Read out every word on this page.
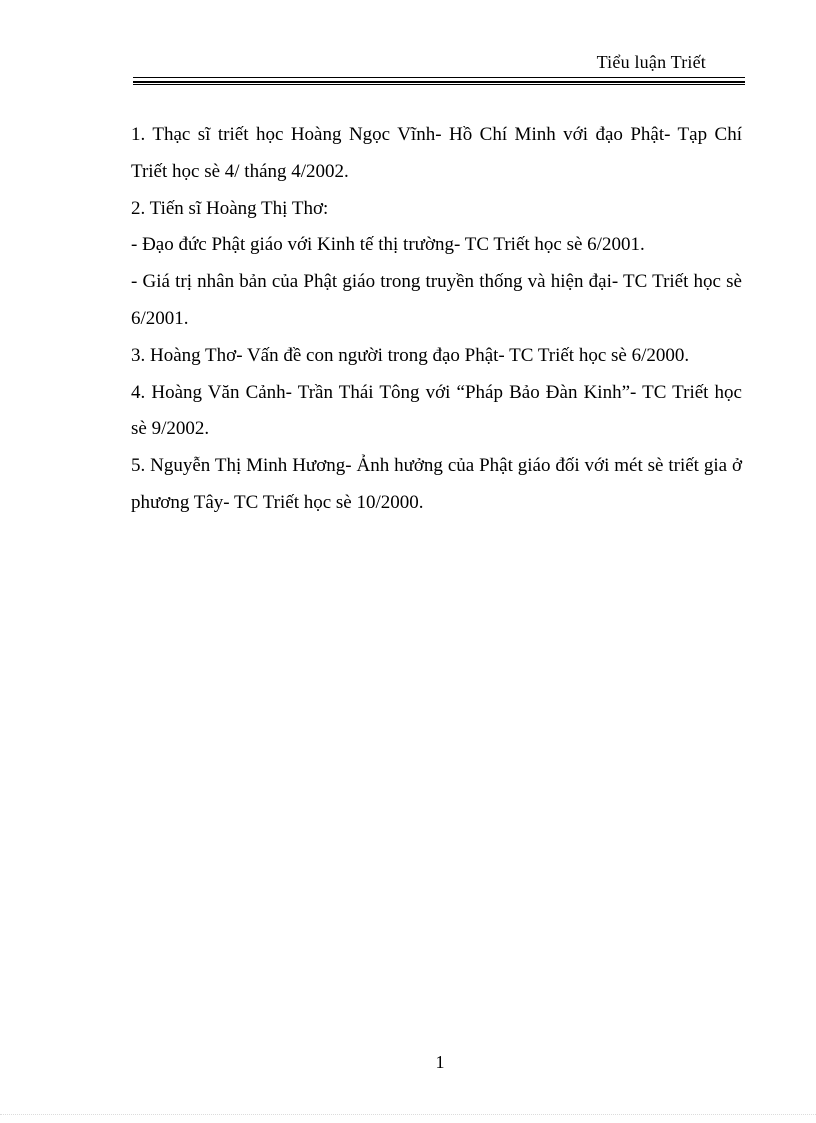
Tiểu luận Triết

1. Thạc sĩ triết học Hoàng Ngọc Vĩnh- Hồ Chí Minh với đạo Phật- Tạp Chí Triết học sè 4/ tháng 4/2002.

2. Tiến sĩ Hoàng Thị Thơ:

- Đạo đức Phật giáo với Kinh tế thị trường- TC Triết học sè 6/2001.

- Giá trị nhân bản của Phật giáo trong truyền thống và hiện đại- TC Triết học sè 6/2001.

3. Hoàng Thơ- Vấn đề con người trong đạo Phật- TC Triết học sè 6/2000.

4. Hoàng Văn Cảnh- Trần Thái Tông với “Pháp Bảo Đàn Kinh”- TC Triết học sè 9/2002.

5. Nguyễn Thị Minh Hương- Ảnh hưởng của Phật giáo đối với mét sè triết gia ở phương Tây- TC Triết học sè 10/2000.

1
